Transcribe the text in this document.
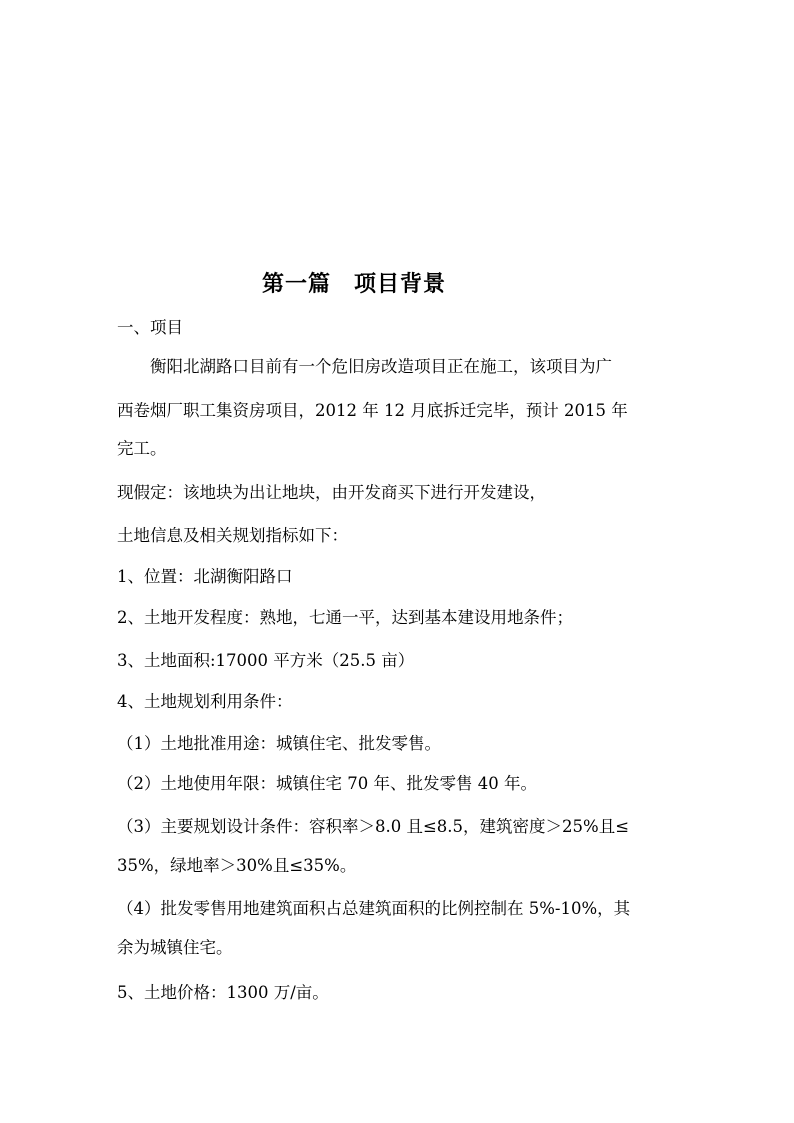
第一篇　项目背景
一、项目
衡阳北湖路口目前有一个危旧房改造项目正在施工，该项目为广
西卷烟厂职工集资房项目，2012 年 12 月底拆迁完毕，预计 2015 年
完工。
现假定：该地块为出让地块，由开发商买下进行开发建设，
土地信息及相关规划指标如下：
1、位置：北湖衡阳路口
2、土地开发程度：熟地，七通一平，达到基本建设用地条件；
3、土地面积:17000 平方米（25.5 亩）
4、土地规划利用条件：
（1）土地批准用途：城镇住宅、批发零售。
（2）土地使用年限：城镇住宅 70 年、批发零售 40 年。
（3）主要规划设计条件：容积率＞8.0 且≤8.5，建筑密度＞25%且≤
35%，绿地率＞30%且≤35%。
（4）批发零售用地建筑面积占总建筑面积的比例控制在 5%-10%，其
余为城镇住宅。
5、土地价格：1300 万/亩。
